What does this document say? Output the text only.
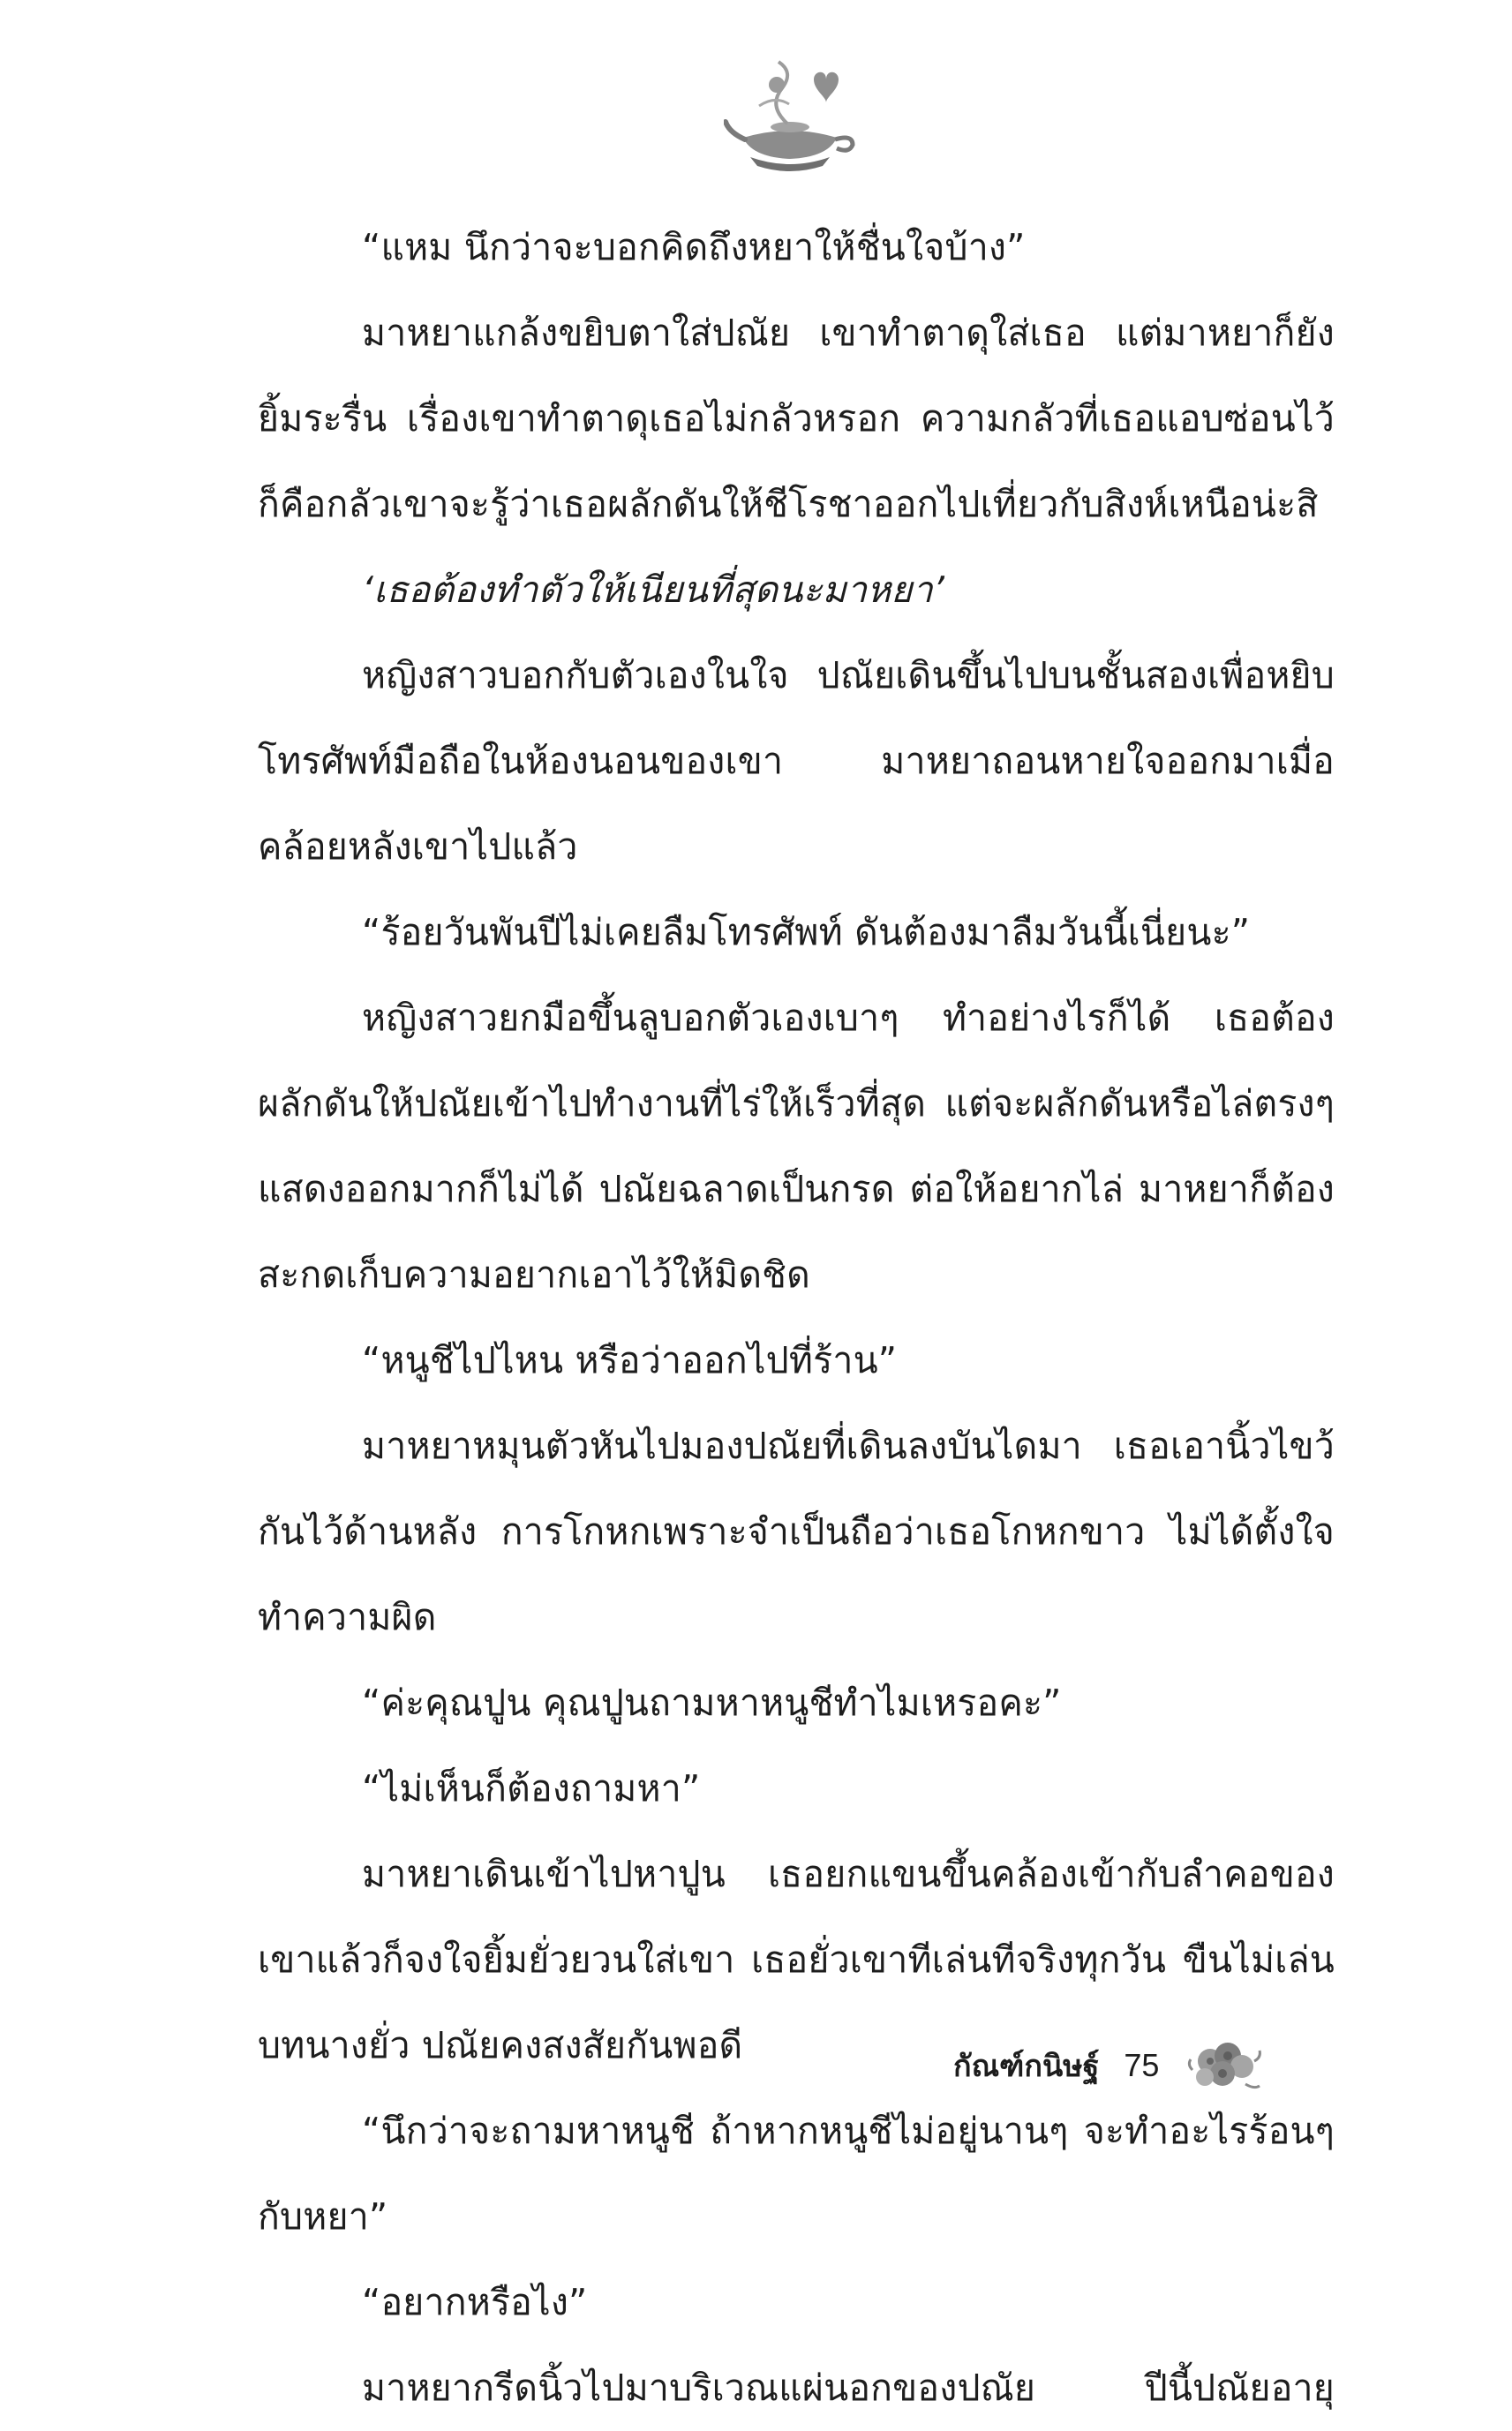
“แหม นึกว่าจะบอกคิดถึงหยาให้ชื่นใจบ้าง”

มาหยาแกล้งขยิบตาใส่ปณัย เขาทำตาดุใส่เธอ แต่มาหยาก็ยังยิ้มระรื่น เรื่องเขาทำตาดุเธอไม่กลัวหรอก ความกลัวที่เธอแอบซ่อนไว้ก็คือกลัวเขาจะรู้ว่าเธอผลักดันให้ชีโรชาออกไปเที่ยวกับสิงห์เหนือน่ะสิ

‘เธอต้องทำตัวให้เนียนที่สุดนะมาหยา’

หญิงสาวบอกกับตัวเองในใจ ปณัยเดินขึ้นไปบนชั้นสองเพื่อหยิบโทรศัพท์มือถือในห้องนอนของเขา มาหยาถอนหายใจออกมาเมื่อคล้อยหลังเขาไปแล้ว

“ร้อยวันพันปีไม่เคยลืมโทรศัพท์ ดันต้องมาลืมวันนี้เนี่ยนะ”

หญิงสาวยกมือขึ้นลูบอกตัวเองเบาๆ ทำอย่างไรก็ได้ เธอต้องผลักดันให้ปณัยเข้าไปทำงานที่ไร่ให้เร็วที่สุด แต่จะผลักดันหรือไล่ตรงๆ แสดงออกมากก็ไม่ได้ ปณัยฉลาดเป็นกรด ต่อให้อยากไล่ มาหยาก็ต้องสะกดเก็บความอยากเอาไว้ให้มิดชิด

“หนูชีไปไหน หรือว่าออกไปที่ร้าน”

มาหยาหมุนตัวหันไปมองปณัยที่เดินลงบันไดมา เธอเอานิ้วไขว้กันไว้ด้านหลัง การโกหกเพราะจำเป็นถือว่าเธอโกหกขาว ไม่ได้ตั้งใจทำความผิด

“ค่ะคุณปูน คุณปูนถามหาหนูชีทำไมเหรอคะ”

“ไม่เห็นก็ต้องถามหา”

มาหยาเดินเข้าไปหาปูน เธอยกแขนขึ้นคล้องเข้ากับลำคอของเขาแล้วก็จงใจยิ้มยั่วยวนใส่เขา เธอยั่วเขาทีเล่นทีจริงทุกวัน ขืนไม่เล่นบทนางยั่ว ปณัยคงสงสัยกันพอดี

“นึกว่าจะถามหาหนูชี ถ้าหากหนูชีไม่อยู่นานๆ จะทำอะไรร้อนๆ กับหยา”

“อยากหรือไง”

มาหยากรีดนิ้วไปมาบริเวณแผ่นอกของปณัย ปีนี้ปณัยอายุ

กัณฑ์กนิษฐ์ 75
